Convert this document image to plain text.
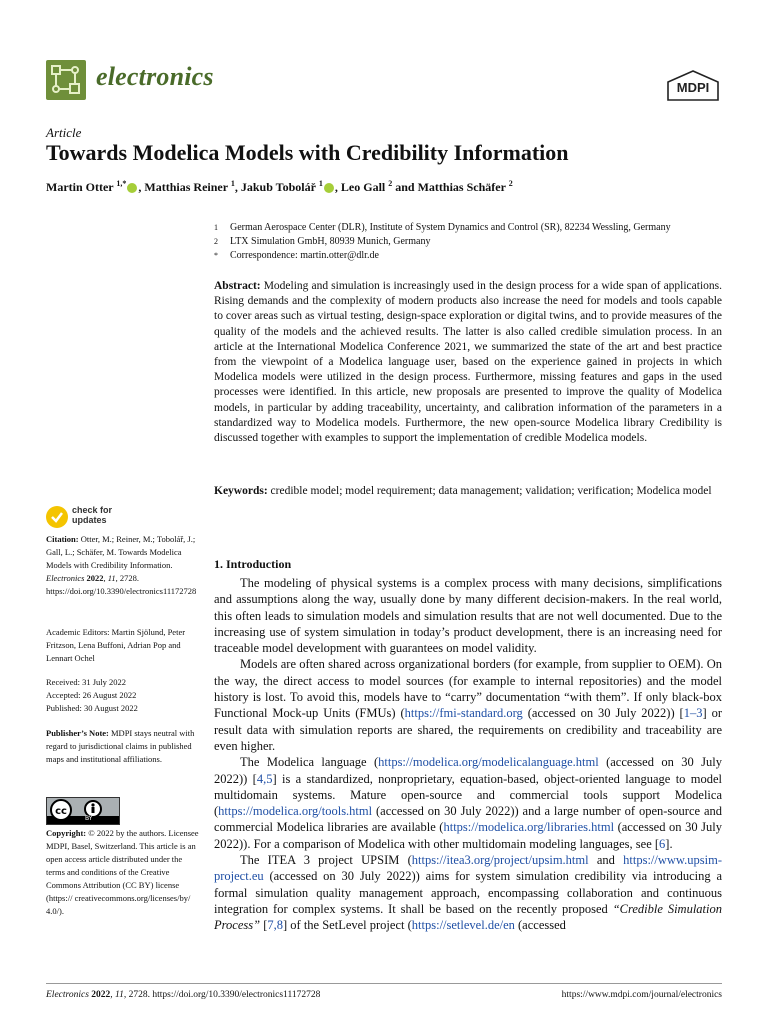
electronics	MDPI
Article
Towards Modelica Models with Credibility Information
Martin Otter $^{1,*}$ , Matthias Reiner $^1$, Jakub Tobolář $^1$ , Leo Gall $^2$ and Matthias Schäfer $^2$
1	German Aerospace Center (DLR), Institute of System Dynamics and Control (SR), 82234 Wessling, Germany
2	LTX Simulation GmbH, 80939 Munich, Germany
*	Correspondence: martin.otter@dlr.de
Abstract: Modeling and simulation is increasingly used in the design process for a wide span of applications. Rising demands and the complexity of modern products also increase the need for models and tools capable to cover areas such as virtual testing, design-space exploration or digital twins, and to provide measures of the quality of the models and the achieved results. The latter is also called credible simulation process. In an article at the International Modelica Conference 2021, we summarized the state of the art and best practice from the viewpoint of a Modelica language user, based on the experience gained in projects in which Modelica models were utilized in the design process. Furthermore, missing features and gaps in the used processes were identified. In this article, new proposals are presented to improve the quality of Modelica models, in particular by adding traceability, uncertainty, and calibration information of the parameters in a standardized way to Modelica models. Furthermore, the new open-source Modelica library Credibility is discussed together with examples to support the implementation of credible Modelica models.
Keywords: credible model; model requirement; data management; validation; verification; Modelica model
1. Introduction

The modeling of physical systems is a complex process with many decisions, simplifications and assumptions along the way, usually done by many different decision-makers. In the real world, this often leads to simulation models and simulation results that are not well documented. Due to the increasing use of system simulation in today’s product development, there is an increasing need for traceable model development with guarantees on model validity.

Models are often shared across organizational borders (for example, from supplier to OEM). On the way, the direct access to model sources (for example to internal repositories) and the model history is lost. To avoid this, models have to “carry” documentation “with them”. If only black-box Functional Mock-up Units (FMUs) (https://fmi-standard.org (accessed on 30 July 2022)) [1–3] or result data with simulation reports are shared, the requirements on credibility and traceability are even higher.

The Modelica language (https://modelica.org/modelicalanguage.html (accessed on 30 July 2022)) [4,5] is a standardized, nonproprietary, equation-based, object-oriented language to model multidomain systems. Mature open-source and commercial tools support Modelica (https://modelica.org/tools.html (accessed on 30 July 2022)) and a large number of open-source and commercial Modelica libraries are available (https://modelica.org/libraries.html (accessed on 30 July 2022)). For a comparison of Modelica with other multidomain modeling languages, see [6].

The ITEA 3 project UPSIM (https://itea3.org/project/upsim.html and https://www.upsim-project.eu (accessed on 30 July 2022)) aims for system simulation credibility via introducing a formal simulation quality management approach, encompassing collaboration and continuous integration for complex systems. It shall be based on the recently proposed “Credible Simulation Process” [7,8] of the SetLevel project (https://setlevel.de/en (accessed

check for
updates
Citation: Otter, M.; Reiner, M.; Tobolář, J.; Gall, L.; Schäfer, M. Towards Modelica Models with Credibility Information. Electronics 2022, 11, 2728. https://doi.org/10.3390/electronics11172728
Academic Editors: Martin Sjölund, Peter Fritzson, Lena Buffoni, Adrian Pop and Lennart Ochel
Received: 31 July 2022
Accepted: 26 August 2022
Published: 30 August 2022
Publisher’s Note: MDPI stays neutral with regard to jurisdictional claims in published maps and institutional affiliations.
cc
BY
Copyright: © 2022 by the authors. Licensee MDPI, Basel, Switzerland. This article is an open access article distributed under the terms and conditions of the Creative Commons Attribution (CC BY) license (https:// creativecommons.org/licenses/by/ 4.0/).
Electronics 2022, 11, 2728. https://doi.org/10.3390/electronics11172728	https://www.mdpi.com/journal/electronics
